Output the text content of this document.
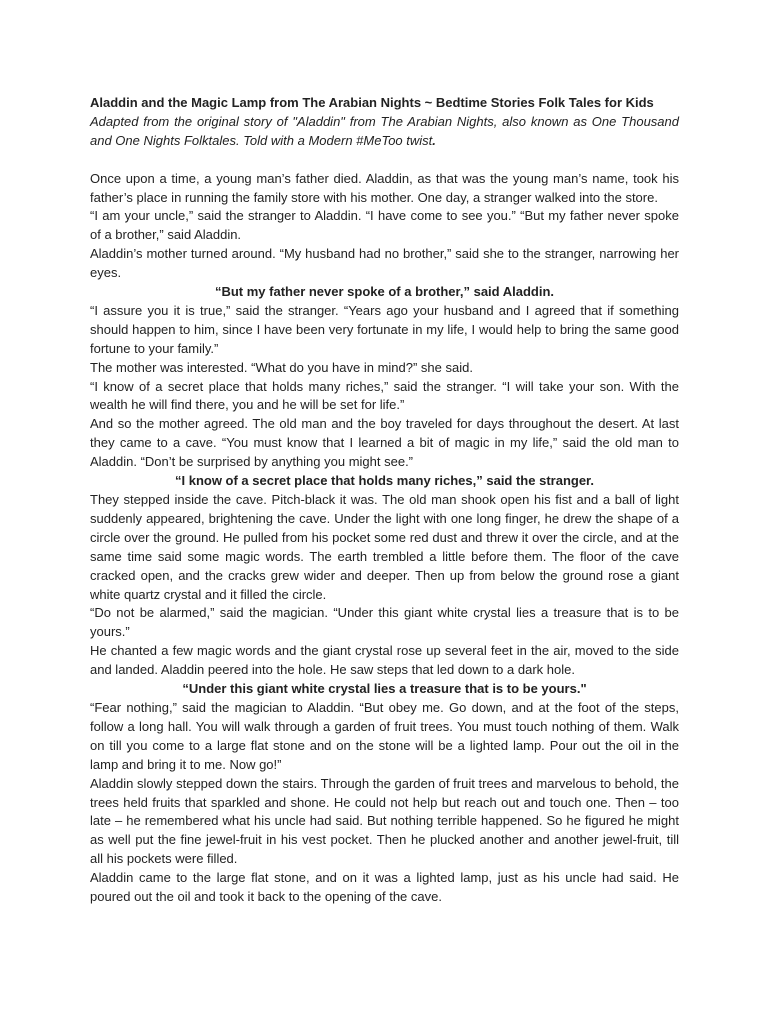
Aladdin and the Magic Lamp from The Arabian Nights ~ Bedtime Stories Folk Tales for Kids

Adapted from the original story of "Aladdin" from The Arabian Nights, also known as One Thousand and One Nights Folktales. Told with a Modern #MeToo twist.

Once upon a time, a young man’s father died. Aladdin, as that was the young man’s name, took his father’s place in running the family store with his mother. One day, a stranger walked into the store.

“I am your uncle,” said the stranger to Aladdin. “I have come to see you.” “But my father never spoke of a brother,” said Aladdin.

Aladdin’s mother turned around. “My husband had no brother,” said she to the stranger, narrowing her eyes.

“But my father never spoke of a brother,” said Aladdin.

“I assure you it is true,” said the stranger. “Years ago your husband and I agreed that if something should happen to him, since I have been very fortunate in my life, I would help to bring the same good fortune to your family.”

The mother was interested. “What do you have in mind?” she said.

“I know of a secret place that holds many riches,” said the stranger. “I will take your son. With the wealth he will find there, you and he will be set for life.”

And so the mother agreed. The old man and the boy traveled for days throughout the desert. At last they came to a cave. “You must know that I learned a bit of magic in my life,” said the old man to Aladdin. “Don’t be surprised by anything you might see.”

“I know of a secret place that holds many riches,” said the stranger.

They stepped inside the cave. Pitch-black it was. The old man shook open his fist and a ball of light suddenly appeared, brightening the cave. Under the light with one long finger, he drew the shape of a circle over the ground. He pulled from his pocket some red dust and threw it over the circle, and at the same time said some magic words. The earth trembled a little before them. The floor of the cave cracked open, and the cracks grew wider and deeper. Then up from below the ground rose a giant white quartz crystal and it filled the circle.

“Do not be alarmed,” said the magician. “Under this giant white crystal lies a treasure that is to be yours.”

He chanted a few magic words and the giant crystal rose up several feet in the air, moved to the side and landed. Aladdin peered into the hole. He saw steps that led down to a dark hole.

“Under this giant white crystal lies a treasure that is to be yours."

“Fear nothing,” said the magician to Aladdin. “But obey me. Go down, and at the foot of the steps, follow a long hall. You will walk through a garden of fruit trees. You must touch nothing of them. Walk on till you come to a large flat stone and on the stone will be a lighted lamp. Pour out the oil in the lamp and bring it to me. Now go!”

Aladdin slowly stepped down the stairs. Through the garden of fruit trees and marvelous to behold, the trees held fruits that sparkled and shone. He could not help but reach out and touch one. Then – too late – he remembered what his uncle had said. But nothing terrible happened. So he figured he might as well put the fine jewel-fruit in his vest pocket. Then he plucked another and another jewel-fruit, till all his pockets were filled.

Aladdin came to the large flat stone, and on it was a lighted lamp, just as his uncle had said. He poured out the oil and took it back to the opening of the cave.
